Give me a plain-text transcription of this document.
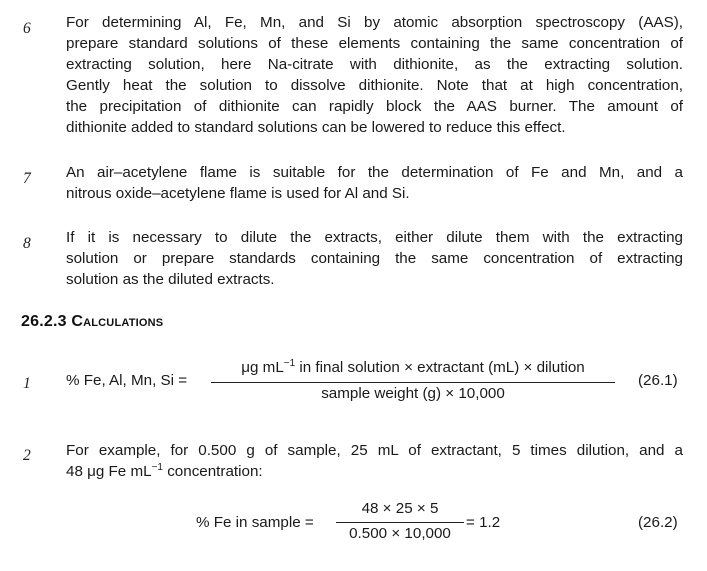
6 For determining Al, Fe, Mn, and Si by atomic absorption spectroscopy (AAS),
prepare standard solutions of these elements containing the same concentration of
extracting solution, here Na-citrate with dithionite, as the extracting solution.
Gently heat the solution to dissolve dithionite. Note that at high concentration,
the precipitation of dithionite can rapidly block the AAS burner. The amount of
dithionite added to standard solutions can be lowered to reduce this effect.
7 An air–acetylene flame is suitable for the determination of Fe and Mn, and a
nitrous oxide–acetylene flame is used for Al and Si.
8 If it is necessary to dilute the extracts, either dilute them with the extracting
solution or prepare standards containing the same concentration of extracting
solution as the diluted extracts.
26.2.3 Calculations
1 % Fe, Al, Mn, Si =
μg $mL^{-1}$ in final solution × extractant (mL) × dilution
sample weight (g) × 10,000
(26.1)
2 For example, for 0.500 g of sample, 25 mL of extractant, 5 times dilution, and a
48 μg Fe $mL^{-1}$ concentration:
% Fe in sample =
48 × 25 × 5
0.500 × 10,000
= 1.2	(26.2)
